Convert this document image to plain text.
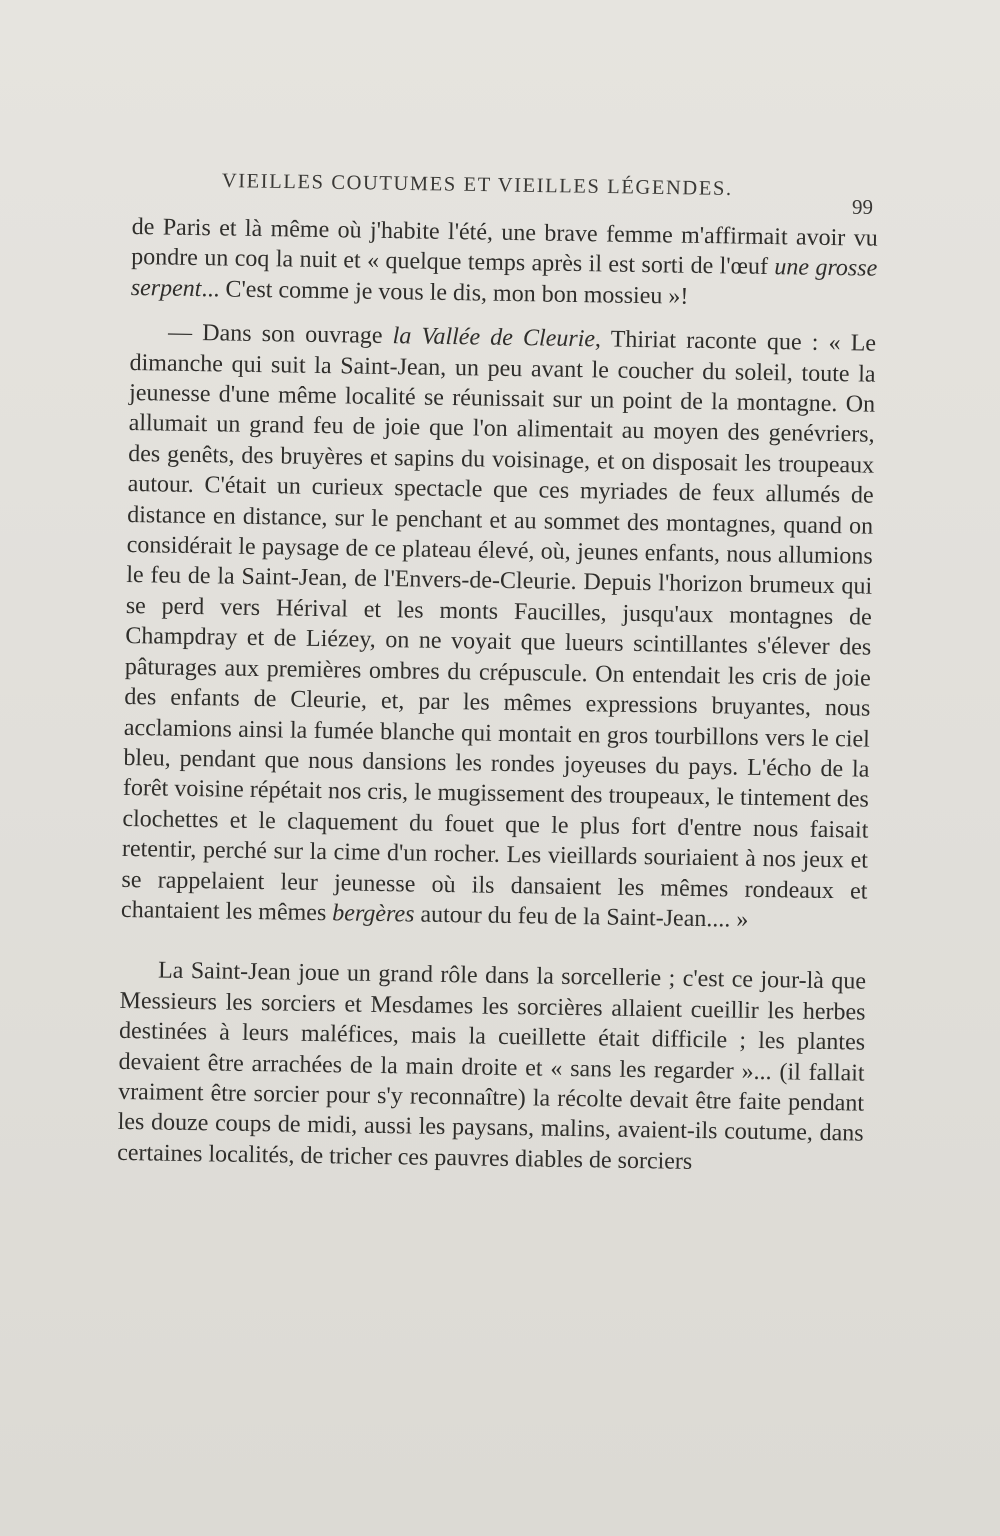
VIEILLES COUTUMES ET VIEILLES LÉGENDES.
99

de Paris et là même où j'habite l'été, une brave femme m'affirmait avoir vu pondre un coq la nuit et « quelque temps après il est sorti de l'œuf une grosse serpent... C'est comme je vous le dis, mon bon mossieu »!

— Dans son ouvrage la Vallée de Cleurie, Thiriat raconte que : « Le dimanche qui suit la Saint-Jean, un peu avant le coucher du soleil, toute la jeunesse d'une même localité se réunissait sur un point de la montagne. On allumait un grand feu de joie que l'on alimentait au moyen des genévriers, des genêts, des bruyères et sapins du voisinage, et on disposait les troupeaux autour. C'était un curieux spectacle que ces myriades de feux allumés de distance en distance, sur le penchant et au sommet des montagnes, quand on considérait le paysage de ce plateau élevé, où, jeunes enfants, nous allumions le feu de la Saint-Jean, de l'Envers-de-Cleurie. Depuis l'horizon brumeux qui se perd vers Hérival et les monts Faucilles, jusqu'aux montagnes de Champdray et de Liézey, on ne voyait que lueurs scintillantes s'élever des pâturages aux premières ombres du crépuscule. On entendait les cris de joie des enfants de Cleurie, et, par les mêmes expressions bruyantes, nous acclamions ainsi la fumée blanche qui montait en gros tourbillons vers le ciel bleu, pendant que nous dansions les rondes joyeuses du pays. L'écho de la forêt voisine répétait nos cris, le mugissement des troupeaux, le tintement des clochettes et le claquement du fouet que le plus fort d'entre nous faisait retentir, perché sur la cime d'un rocher. Les vieillards souriaient à nos jeux et se rappelaient leur jeunesse où ils dansaient les mêmes rondeaux et chantaient les mêmes bergères autour du feu de la Saint-Jean.... »

La Saint-Jean joue un grand rôle dans la sorcellerie ; c'est ce jour-là que Messieurs les sorciers et Mesdames les sorcières allaient cueillir les herbes destinées à leurs maléfices, mais la cueillette était difficile ; les plantes devaient être arrachées de la main droite et « sans les regarder »... (il fallait vraiment être sorcier pour s'y reconnaître) la récolte devait être faite pendant les douze coups de midi, aussi les paysans, malins, avaient-ils coutume, dans certaines localités, de tricher ces pauvres diables de sorciers
